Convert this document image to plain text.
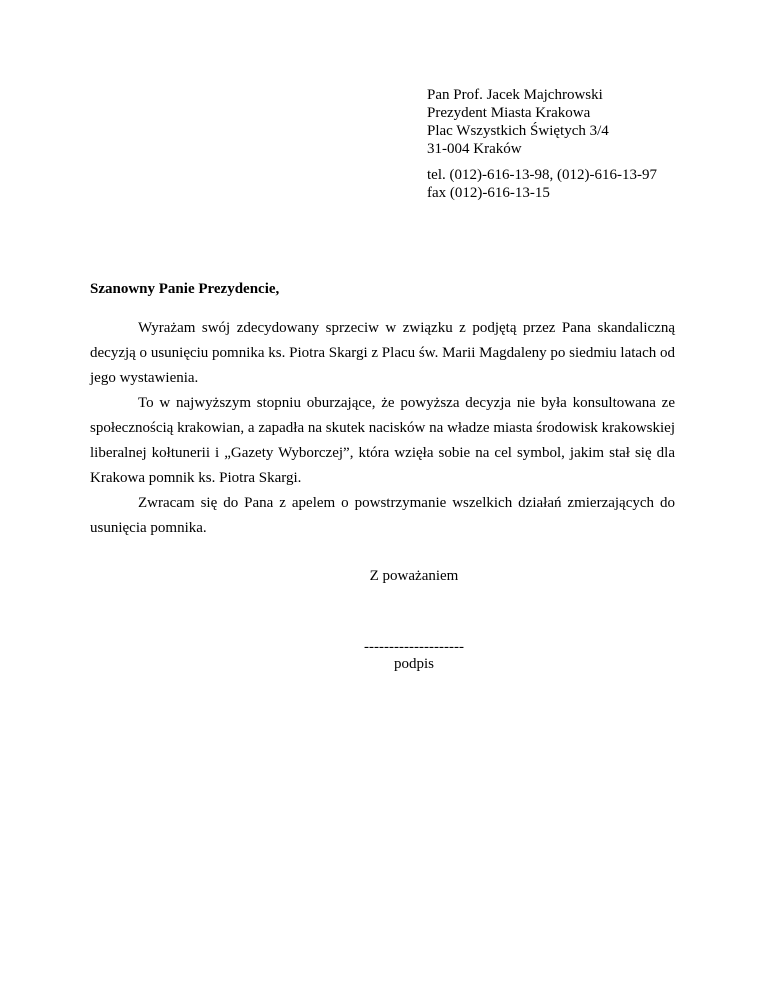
Pan Prof. Jacek Majchrowski
Prezydent Miasta Krakowa
Plac Wszystkich Świętych 3/4
31-004 Kraków
tel. (012)-616-13-98, (012)-616-13-97
fax (012)-616-13-15
Szanowny Panie Prezydencie,

Wyrażam swój zdecydowany sprzeciw w związku z podjętą przez Pana skandaliczną decyzją o usunięciu pomnika ks. Piotra Skargi z Placu św. Marii Magdaleny po siedmiu latach od jego wystawienia.

To w najwyższym stopniu oburzające, że powyższa decyzja nie była konsultowana ze społecznością krakowian, a zapadła na skutek nacisków na władze miasta środowisk krakowskiej liberalnej kołtunerii i „Gazety Wyborczej”, która wzięła sobie na cel symbol, jakim stał się dla Krakowa pomnik ks. Piotra Skargi.

Zwracam się do Pana z apelem o powstrzymanie wszelkich działań zmierzających do usunięcia pomnika.

Z poważaniem
--------------------
podpis
